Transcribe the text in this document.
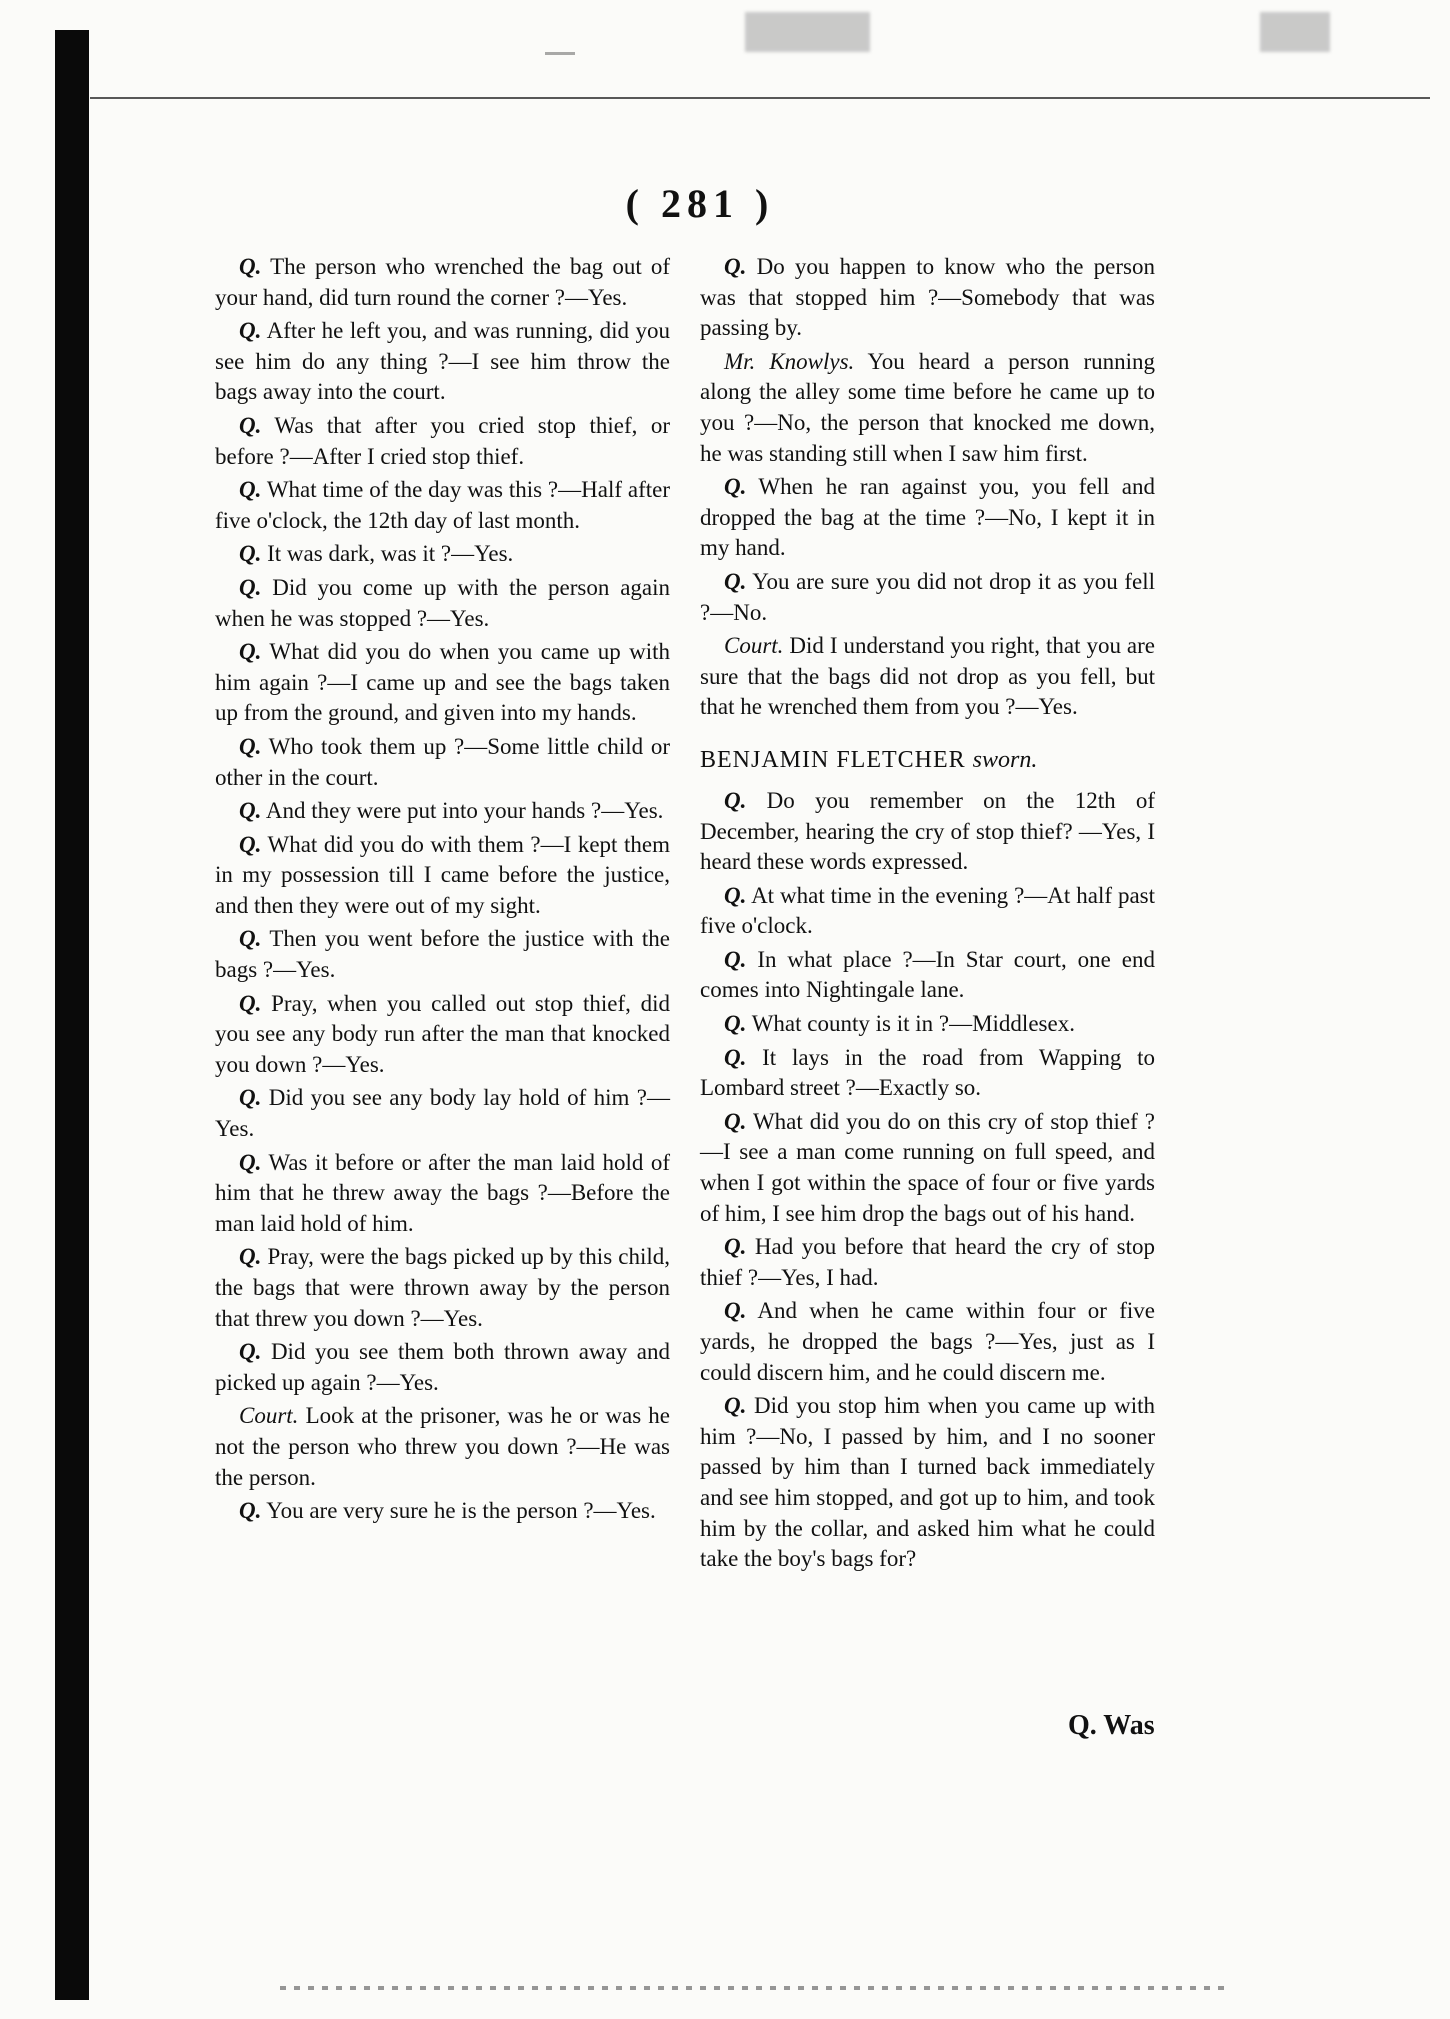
( 281 )

Q. The person who wrenched the bag out of your hand, did turn round the corner ?—Yes.

Q. After he left you, and was running, did you see him do any thing ?—I see him throw the bags away into the court.

Q. Was that after you cried stop thief, or before ?—After I cried stop thief.

Q. What time of the day was this ?—Half after five o'clock, the 12th day of last month.

Q. It was dark, was it ?—Yes.

Q. Did you come up with the person again when he was stopped ?—Yes.

Q. What did you do when you came up with him again ?—I came up and see the bags taken up from the ground, and given into my hands.

Q. Who took them up ?—Some little child or other in the court.

Q. And they were put into your hands ?—Yes.

Q. What did you do with them ?—I kept them in my possession till I came before the justice, and then they were out of my sight.

Q. Then you went before the justice with the bags ?—Yes.

Q. Pray, when you called out stop thief, did you see any body run after the man that knocked you down ?—Yes.

Q. Did you see any body lay hold of him ?—Yes.

Q. Was it before or after the man laid hold of him that he threw away the bags ?—Before the man laid hold of him.

Q. Pray, were the bags picked up by this child, the bags that were thrown away by the person that threw you down ?—Yes.

Q. Did you see them both thrown away and picked up again ?—Yes.

Court. Look at the prisoner, was he or was he not the person who threw you down ?—He was the person.

Q. You are very sure he is the person ?—Yes.

Q. Do you happen to know who the person was that stopped him ?—Somebody that was passing by.

Mr. Knowlys. You heard a person running along the alley some time before he came up to you ?—No, the person that knocked me down, he was standing still when I saw him first.

Q. When he ran against you, you fell and dropped the bag at the time ?—No, I kept it in my hand.

Q. You are sure you did not drop it as you fell ?—No.

Court. Did I understand you right, that you are sure that the bags did not drop as you fell, but that he wrenched them from you ?—Yes.

BENJAMIN FLETCHER sworn.

Q. Do you remember on the 12th of December, hearing the cry of stop thief? —Yes, I heard these words expressed.

Q. At what time in the evening ?—At half past five o'clock.

Q. In what place ?—In Star court, one end comes into Nightingale lane.

Q. What county is it in ?—Middlesex.

Q. It lays in the road from Wapping to Lombard street ?—Exactly so.

Q. What did you do on this cry of stop thief ?—I see a man come running on full speed, and when I got within the space of four or five yards of him, I see him drop the bags out of his hand.

Q. Had you before that heard the cry of stop thief ?—Yes, I had.

Q. And when he came within four or five yards, he dropped the bags ?—Yes, just as I could discern him, and he could discern me.

Q. Did you stop him when you came up with him ?—No, I passed by him, and I no sooner passed by him than I turned back immediately and see him stopped, and got up to him, and took him by the collar, and asked him what he could take the boy's bags for?

Q. Was
